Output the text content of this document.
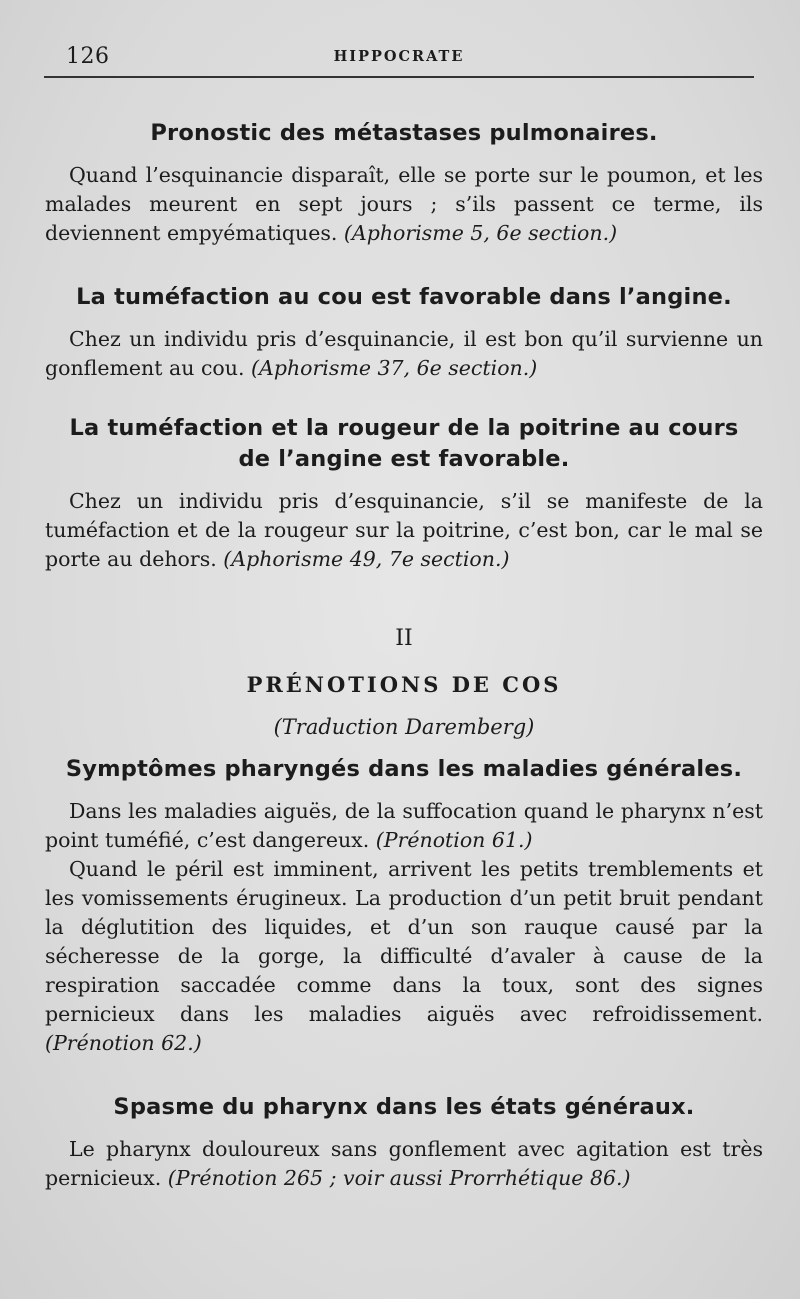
126	HIPPOCRATE
Pronostic des métastases pulmonaires.

Quand l’esquinancie disparaît, elle se porte sur le poumon, et les malades meurent en sept jours ; s’ils passent ce terme, ils deviennent empyématiques. (Aphorisme 5, 6e section.)

La tuméfaction au cou est favorable dans l’angine.

Chez un individu pris d’esquinancie, il est bon qu’il survienne un gonflement au cou. (Aphorisme 37, 6e section.)

La tuméfaction et la rougeur de la poitrine au cours
de l’angine est favorable.

Chez un individu pris d’esquinancie, s’il se manifeste de la tuméfaction et de la rougeur sur la poitrine, c’est bon, car le mal se porte au dehors. (Aphorisme 49, 7e section.)

II
PRÉNOTIONS DE COS
(Traduction Daremberg)
Symptômes pharyngés dans les maladies générales.

Dans les maladies aiguës, de la suffocation quand le pharynx n’est point tuméfié, c’est dangereux. (Prénotion 61.)

Quand le péril est imminent, arrivent les petits tremblements et les vomissements érugineux. La production d’un petit bruit pendant la déglutition des liquides, et d’un son rauque causé par la sécheresse de la gorge, la difficulté d’avaler à cause de la respiration saccadée comme dans la toux, sont des signes pernicieux dans les maladies aiguës avec refroidissement. (Prénotion 62.)

Spasme du pharynx dans les états généraux.

Le pharynx douloureux sans gonflement avec agitation est très pernicieux. (Prénotion 265 ; voir aussi Prorrhétique 86.)
